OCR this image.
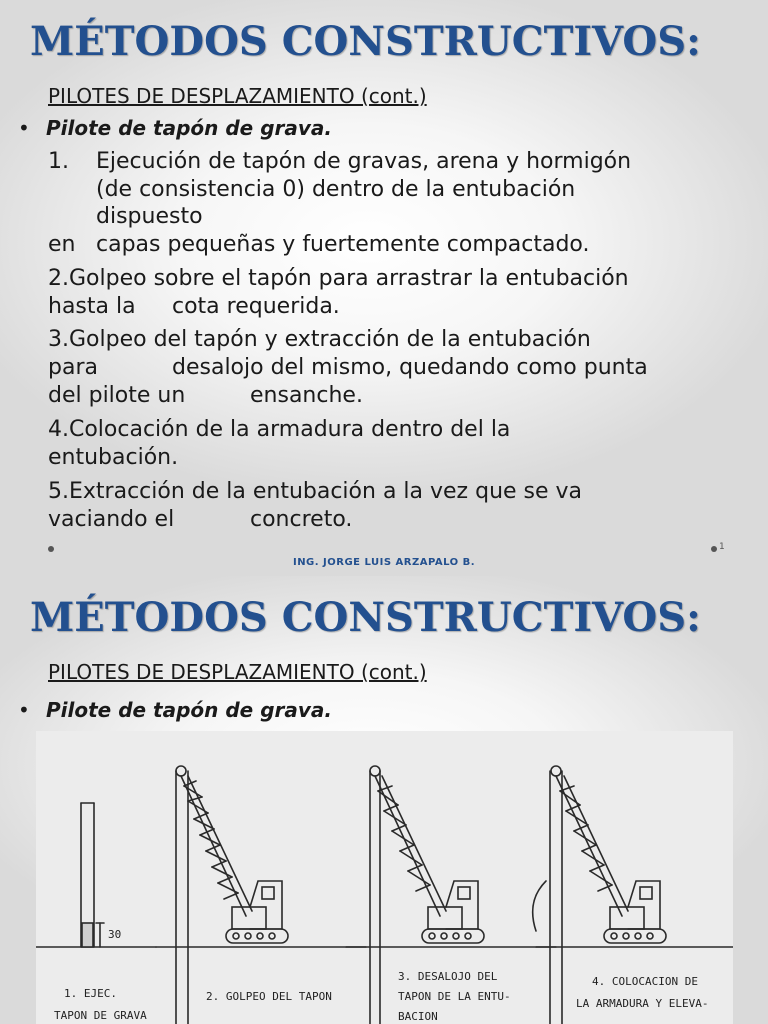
MÉTODOS CONSTRUCTIVOS:
PILOTES DE DESPLAZAMIENTO (cont.)
• Pilote de tapón de grava.
1. Ejecución de tapón de gravas, arena y hormigón
(de consistencia 0) dentro de la entubación
dispuesto
en capas pequeñas y fuertemente compactado.
2.Golpeo sobre el tapón para arrastrar la entubación
hasta la cota requerida.
3.Golpeo del tapón y extracción de la entubación
para	desalojo del mismo, quedando como punta
del pilote un	ensanche.
4.Colocación de la armadura dentro del la
entubación.
5.Extracción de la entubación a la vez que se va
vaciando el	concreto.
ING. JORGE LUIS ARZAPALO B.
1
MÉTODOS CONSTRUCTIVOS:
PILOTES DE DESPLAZAMIENTO (cont.)
• Pilote de tapón de grava.
30
1. EJEC.
TAPON DE GRAVA
2. GOLPEO DEL TAPON
3. DESALOJO DEL
TAPON DE LA ENTU-
BACION
4. COLOCACION DE
LA ARMADURA Y ELEVA-
